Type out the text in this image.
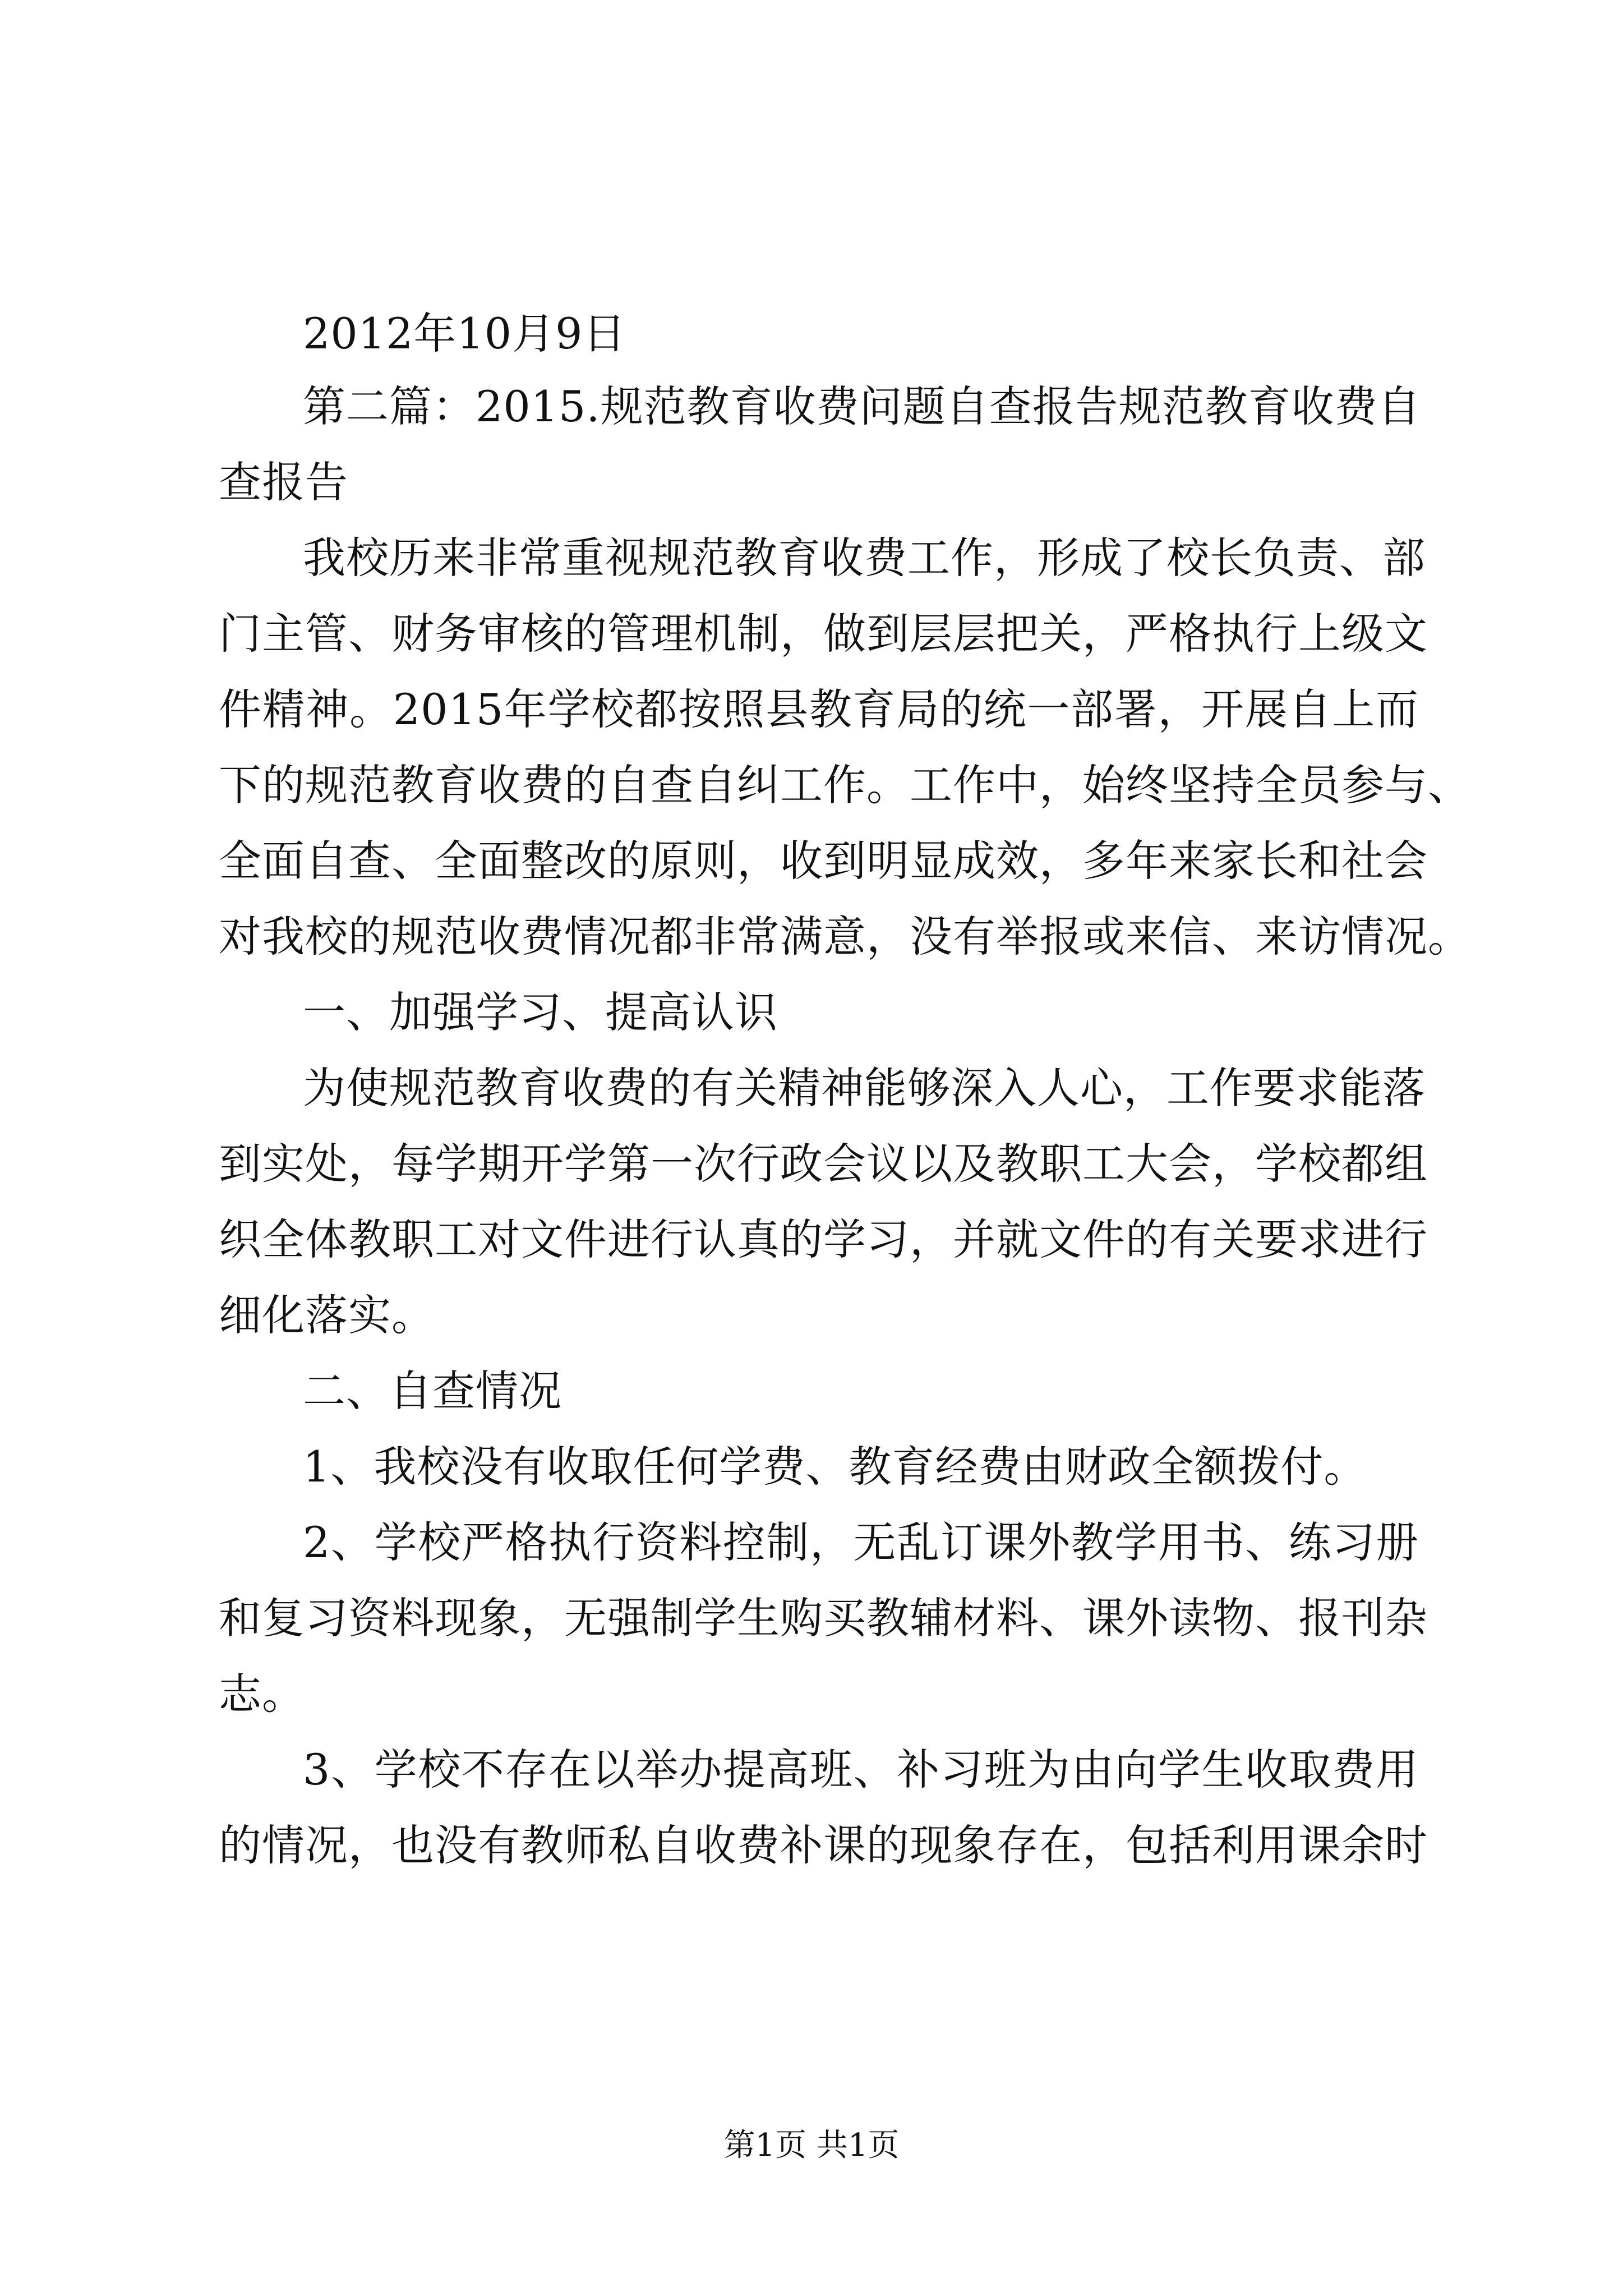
2012年10月9日
第二篇：2015.规范教育收费问题自查报告规范教育收费自
查报告
我校历来非常重视规范教育收费工作，形成了校长负责、部
门主管、财务审核的管理机制，做到层层把关，严格执行上级文
件精神。2015年学校都按照县教育局的统一部署，开展自上而
下的规范教育收费的自查自纠工作。工作中，始终坚持全员参与、
全面自查、全面整改的原则，收到明显成效，多年来家长和社会
对我校的规范收费情况都非常满意，没有举报或来信、来访情况。
一、加强学习、提高认识
为使规范教育收费的有关精神能够深入人心，工作要求能落
到实处，每学期开学第一次行政会议以及教职工大会，学校都组
织全体教职工对文件进行认真的学习，并就文件的有关要求进行
细化落实。
二、自查情况
1、我校没有收取任何学费、教育经费由财政全额拨付。
2、学校严格执行资料控制，无乱订课外教学用书、练习册
和复习资料现象，无强制学生购买教辅材料、课外读物、报刊杂
志。
3、学校不存在以举办提高班、补习班为由向学生收取费用
的情况，也没有教师私自收费补课的现象存在，包括利用课余时
第1页 共1页
